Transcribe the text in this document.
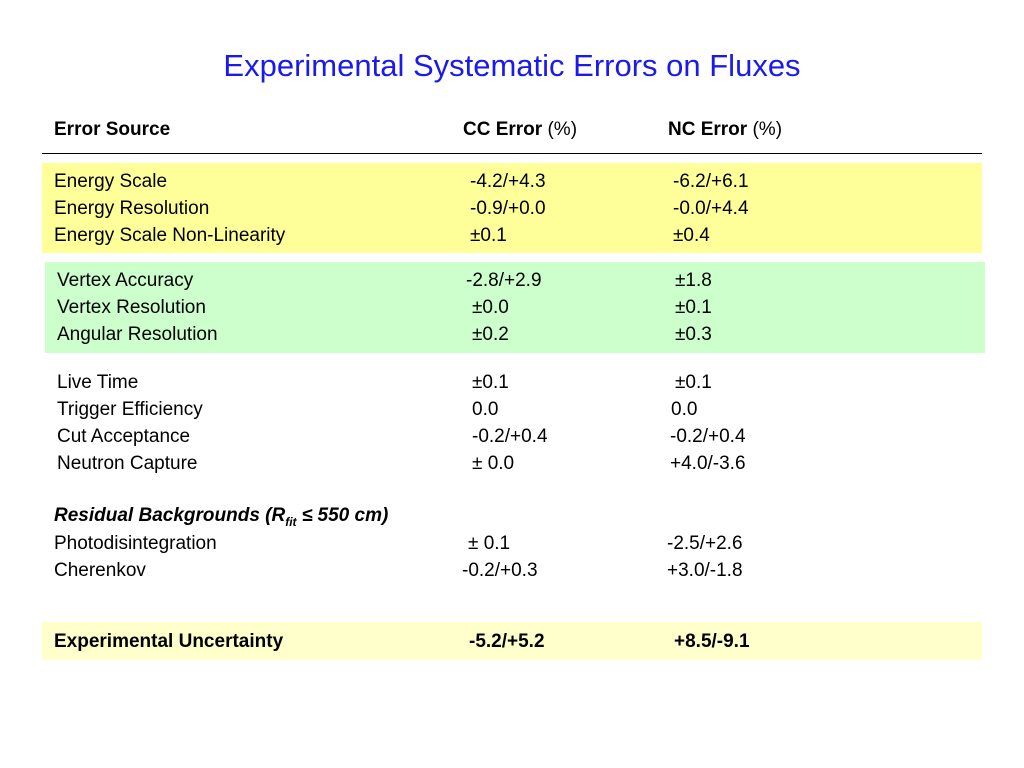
Experimental Systematic Errors on Fluxes
Error Source	CC Error (%)	NC Error (%)
Energy Scale	-4.2/+4.3	-6.2/+6.1
Energy Resolution	-0.9/+0.0	-0.0/+4.4
Energy Scale Non-Linearity	±0.1	±0.4
Vertex Accuracy	-2.8/+2.9	±1.8
Vertex Resolution	±0.0	±0.1
Angular Resolution	±0.2	±0.3
Live Time	±0.1	±0.1
Trigger Efficiency	0.0	0.0
Cut Acceptance	-0.2/+0.4	-0.2/+0.4
Neutron Capture	± 0.0	+4.0/-3.6
Residual Backgrounds ($R_{fit} \le 550$ cm)
Photodisintegration	± 0.1	-2.5/+2.6
Cherenkov	-0.2/+0.3	+3.0/-1.8
Experimental Uncertainty	-5.2/+5.2	+8.5/-9.1
